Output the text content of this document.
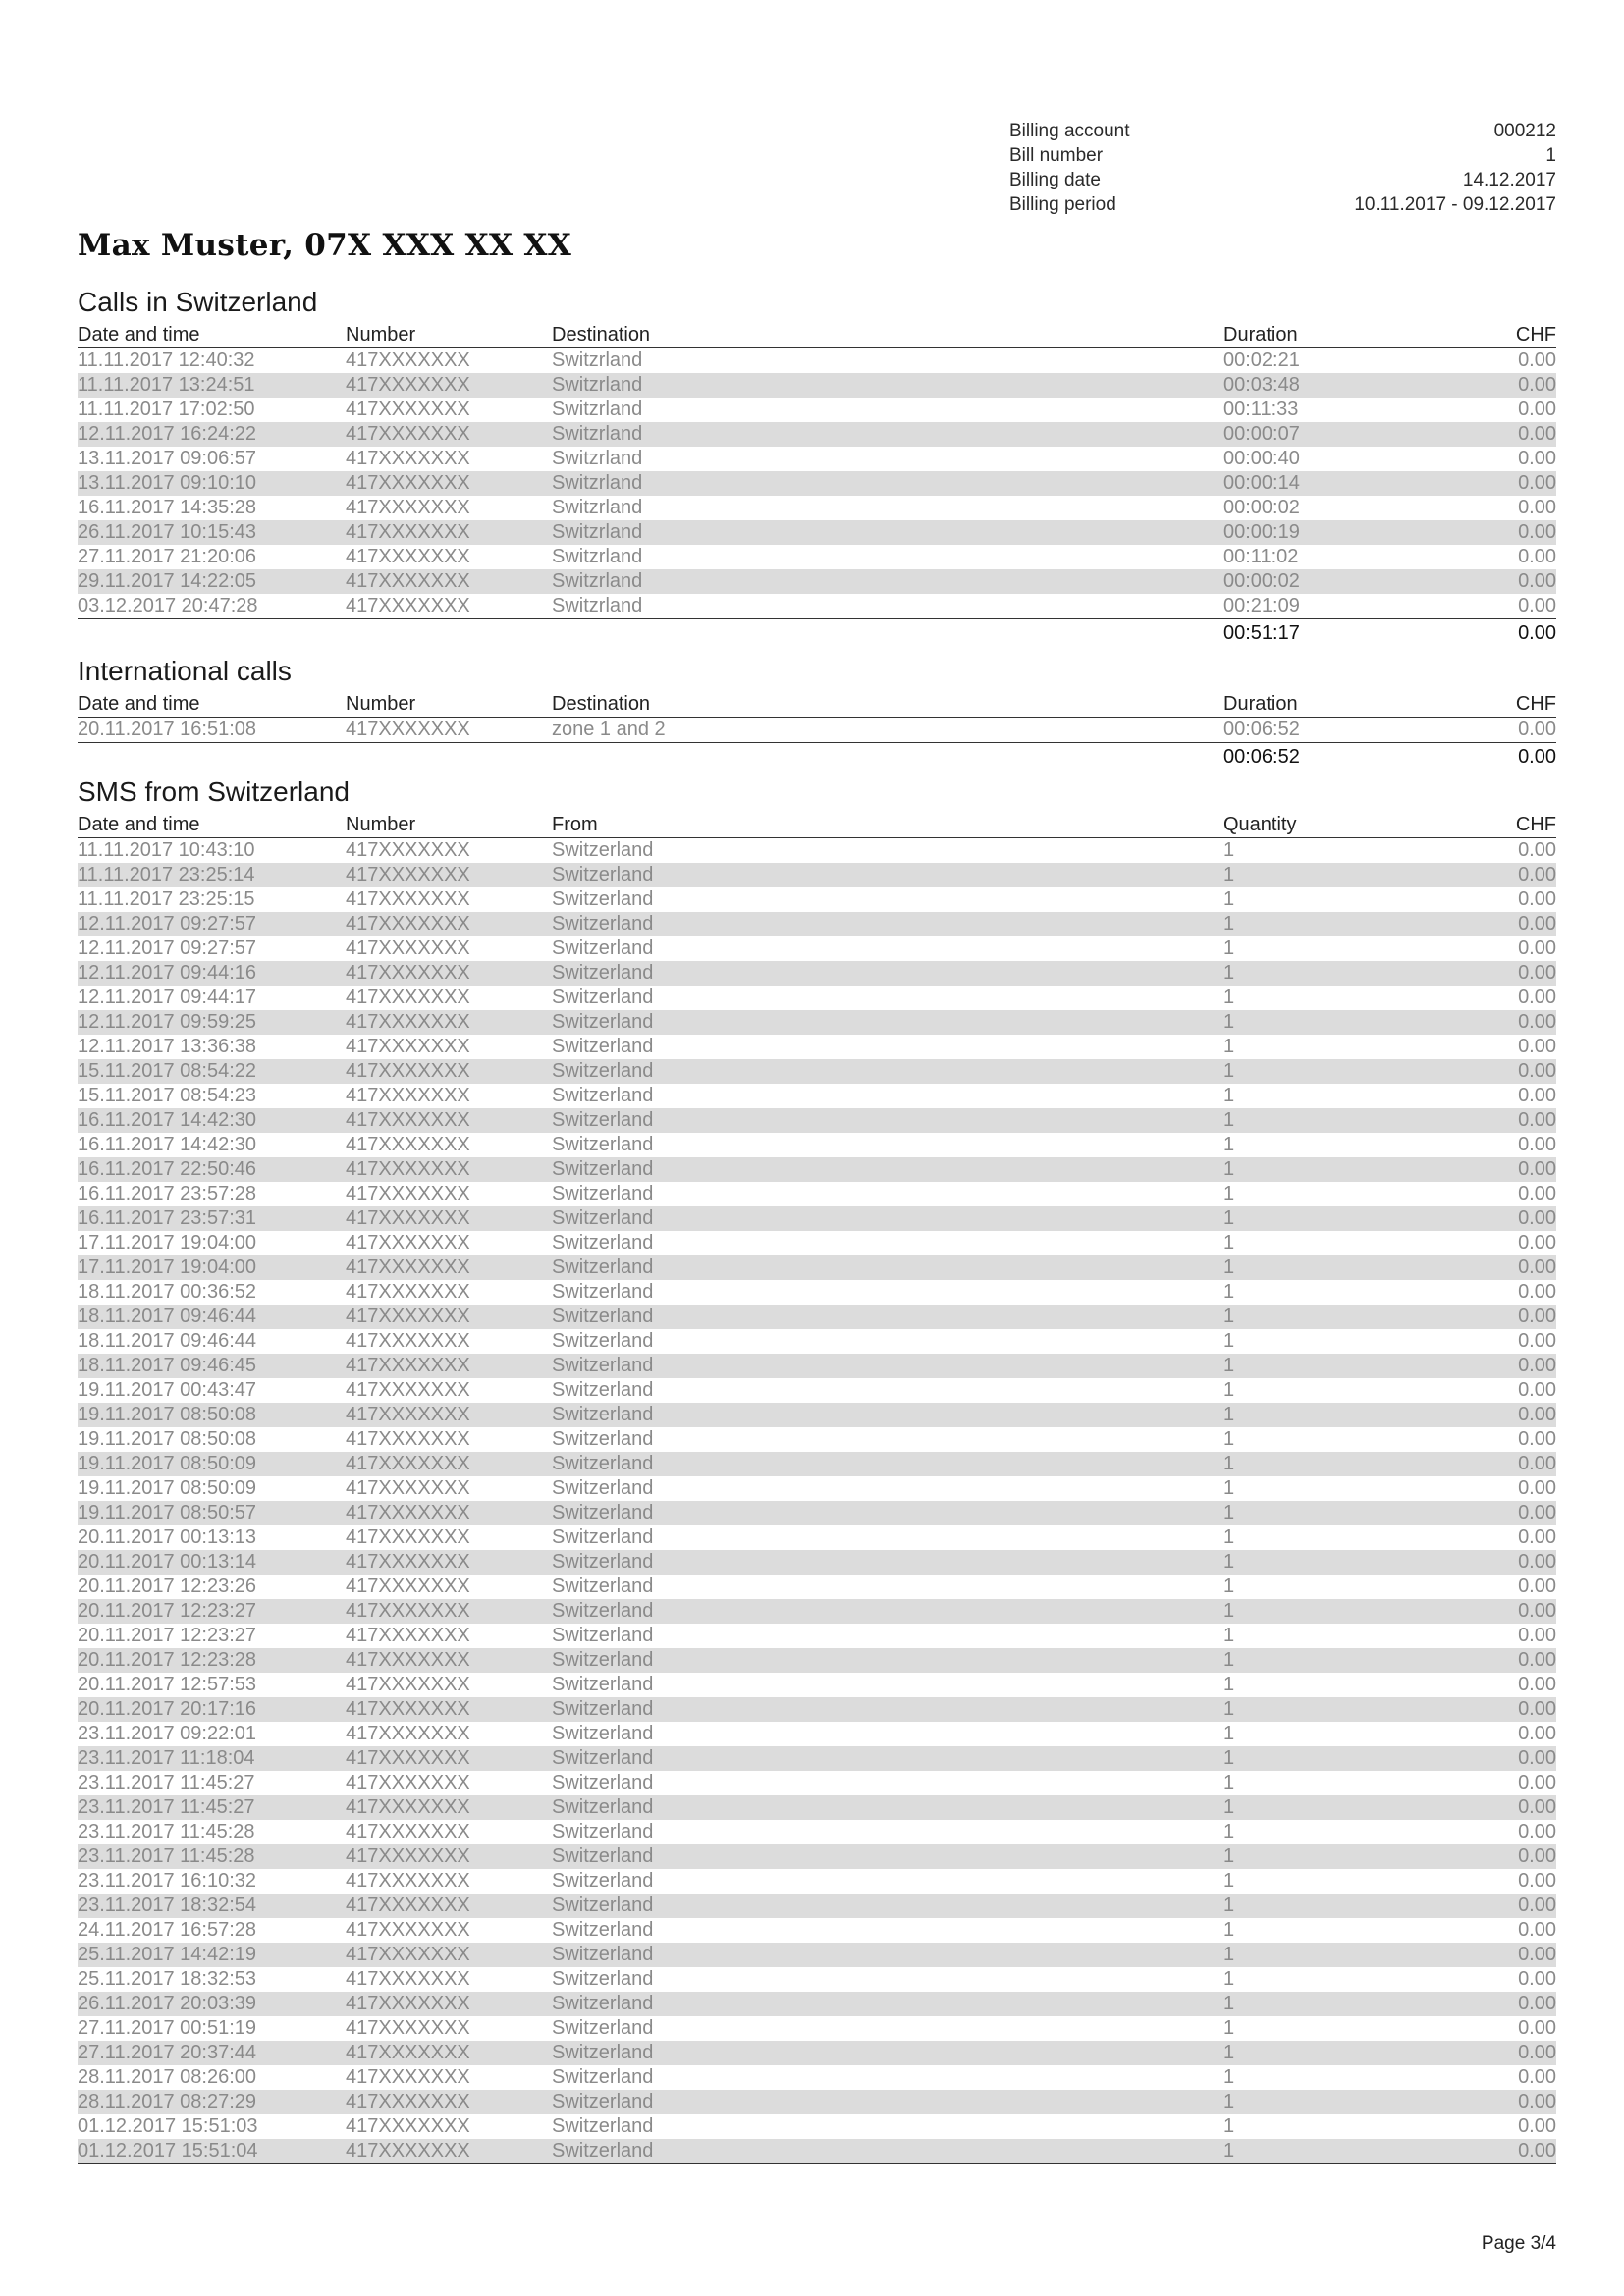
Billing account	000212
Bill number	1
Billing date	14.12.2017
Billing period	10.11.2017 - 09.12.2017
Max Muster, 07X XXX XX XX
Calls in Switzerland
Date and time	Number	Destination	Duration	CHF
11.11.2017 12:40:32	417XXXXXXX	Switzrland	00:02:21	0.00
11.11.2017 13:24:51	417XXXXXXX	Switzrland	00:03:48	0.00
11.11.2017 17:02:50	417XXXXXXX	Switzrland	00:11:33	0.00
12.11.2017 16:24:22	417XXXXXXX	Switzrland	00:00:07	0.00
13.11.2017 09:06:57	417XXXXXXX	Switzrland	00:00:40	0.00
13.11.2017 09:10:10	417XXXXXXX	Switzrland	00:00:14	0.00
16.11.2017 14:35:28	417XXXXXXX	Switzrland	00:00:02	0.00
26.11.2017 10:15:43	417XXXXXXX	Switzrland	00:00:19	0.00
27.11.2017 21:20:06	417XXXXXXX	Switzrland	00:11:02	0.00
29.11.2017 14:22:05	417XXXXXXX	Switzrland	00:00:02	0.00
03.12.2017 20:47:28	417XXXXXXX	Switzrland	00:21:09	0.00
00:51:17	0.00
International calls
Date and time	Number	Destination	Duration	CHF
20.11.2017 16:51:08	417XXXXXXX	zone 1 and 2	00:06:52	0.00
00:06:52	0.00
SMS from Switzerland
Date and time	Number	From	Quantity	CHF
11.11.2017 10:43:10	417XXXXXXX	Switzerland	1	0.00
11.11.2017 23:25:14	417XXXXXXX	Switzerland	1	0.00
11.11.2017 23:25:15	417XXXXXXX	Switzerland	1	0.00
12.11.2017 09:27:57	417XXXXXXX	Switzerland	1	0.00
12.11.2017 09:27:57	417XXXXXXX	Switzerland	1	0.00
12.11.2017 09:44:16	417XXXXXXX	Switzerland	1	0.00
12.11.2017 09:44:17	417XXXXXXX	Switzerland	1	0.00
12.11.2017 09:59:25	417XXXXXXX	Switzerland	1	0.00
12.11.2017 13:36:38	417XXXXXXX	Switzerland	1	0.00
15.11.2017 08:54:22	417XXXXXXX	Switzerland	1	0.00
15.11.2017 08:54:23	417XXXXXXX	Switzerland	1	0.00
16.11.2017 14:42:30	417XXXXXXX	Switzerland	1	0.00
16.11.2017 14:42:30	417XXXXXXX	Switzerland	1	0.00
16.11.2017 22:50:46	417XXXXXXX	Switzerland	1	0.00
16.11.2017 23:57:28	417XXXXXXX	Switzerland	1	0.00
16.11.2017 23:57:31	417XXXXXXX	Switzerland	1	0.00
17.11.2017 19:04:00	417XXXXXXX	Switzerland	1	0.00
17.11.2017 19:04:00	417XXXXXXX	Switzerland	1	0.00
18.11.2017 00:36:52	417XXXXXXX	Switzerland	1	0.00
18.11.2017 09:46:44	417XXXXXXX	Switzerland	1	0.00
18.11.2017 09:46:44	417XXXXXXX	Switzerland	1	0.00
18.11.2017 09:46:45	417XXXXXXX	Switzerland	1	0.00
19.11.2017 00:43:47	417XXXXXXX	Switzerland	1	0.00
19.11.2017 08:50:08	417XXXXXXX	Switzerland	1	0.00
19.11.2017 08:50:08	417XXXXXXX	Switzerland	1	0.00
19.11.2017 08:50:09	417XXXXXXX	Switzerland	1	0.00
19.11.2017 08:50:09	417XXXXXXX	Switzerland	1	0.00
19.11.2017 08:50:57	417XXXXXXX	Switzerland	1	0.00
20.11.2017 00:13:13	417XXXXXXX	Switzerland	1	0.00
20.11.2017 00:13:14	417XXXXXXX	Switzerland	1	0.00
20.11.2017 12:23:26	417XXXXXXX	Switzerland	1	0.00
20.11.2017 12:23:27	417XXXXXXX	Switzerland	1	0.00
20.11.2017 12:23:27	417XXXXXXX	Switzerland	1	0.00
20.11.2017 12:23:28	417XXXXXXX	Switzerland	1	0.00
20.11.2017 12:57:53	417XXXXXXX	Switzerland	1	0.00
20.11.2017 20:17:16	417XXXXXXX	Switzerland	1	0.00
23.11.2017 09:22:01	417XXXXXXX	Switzerland	1	0.00
23.11.2017 11:18:04	417XXXXXXX	Switzerland	1	0.00
23.11.2017 11:45:27	417XXXXXXX	Switzerland	1	0.00
23.11.2017 11:45:27	417XXXXXXX	Switzerland	1	0.00
23.11.2017 11:45:28	417XXXXXXX	Switzerland	1	0.00
23.11.2017 11:45:28	417XXXXXXX	Switzerland	1	0.00
23.11.2017 16:10:32	417XXXXXXX	Switzerland	1	0.00
23.11.2017 18:32:54	417XXXXXXX	Switzerland	1	0.00
24.11.2017 16:57:28	417XXXXXXX	Switzerland	1	0.00
25.11.2017 14:42:19	417XXXXXXX	Switzerland	1	0.00
25.11.2017 18:32:53	417XXXXXXX	Switzerland	1	0.00
26.11.2017 20:03:39	417XXXXXXX	Switzerland	1	0.00
27.11.2017 00:51:19	417XXXXXXX	Switzerland	1	0.00
27.11.2017 20:37:44	417XXXXXXX	Switzerland	1	0.00
28.11.2017 08:26:00	417XXXXXXX	Switzerland	1	0.00
28.11.2017 08:27:29	417XXXXXXX	Switzerland	1	0.00
01.12.2017 15:51:03	417XXXXXXX	Switzerland	1	0.00
01.12.2017 15:51:04	417XXXXXXX	Switzerland	1	0.00
Page 3/4
